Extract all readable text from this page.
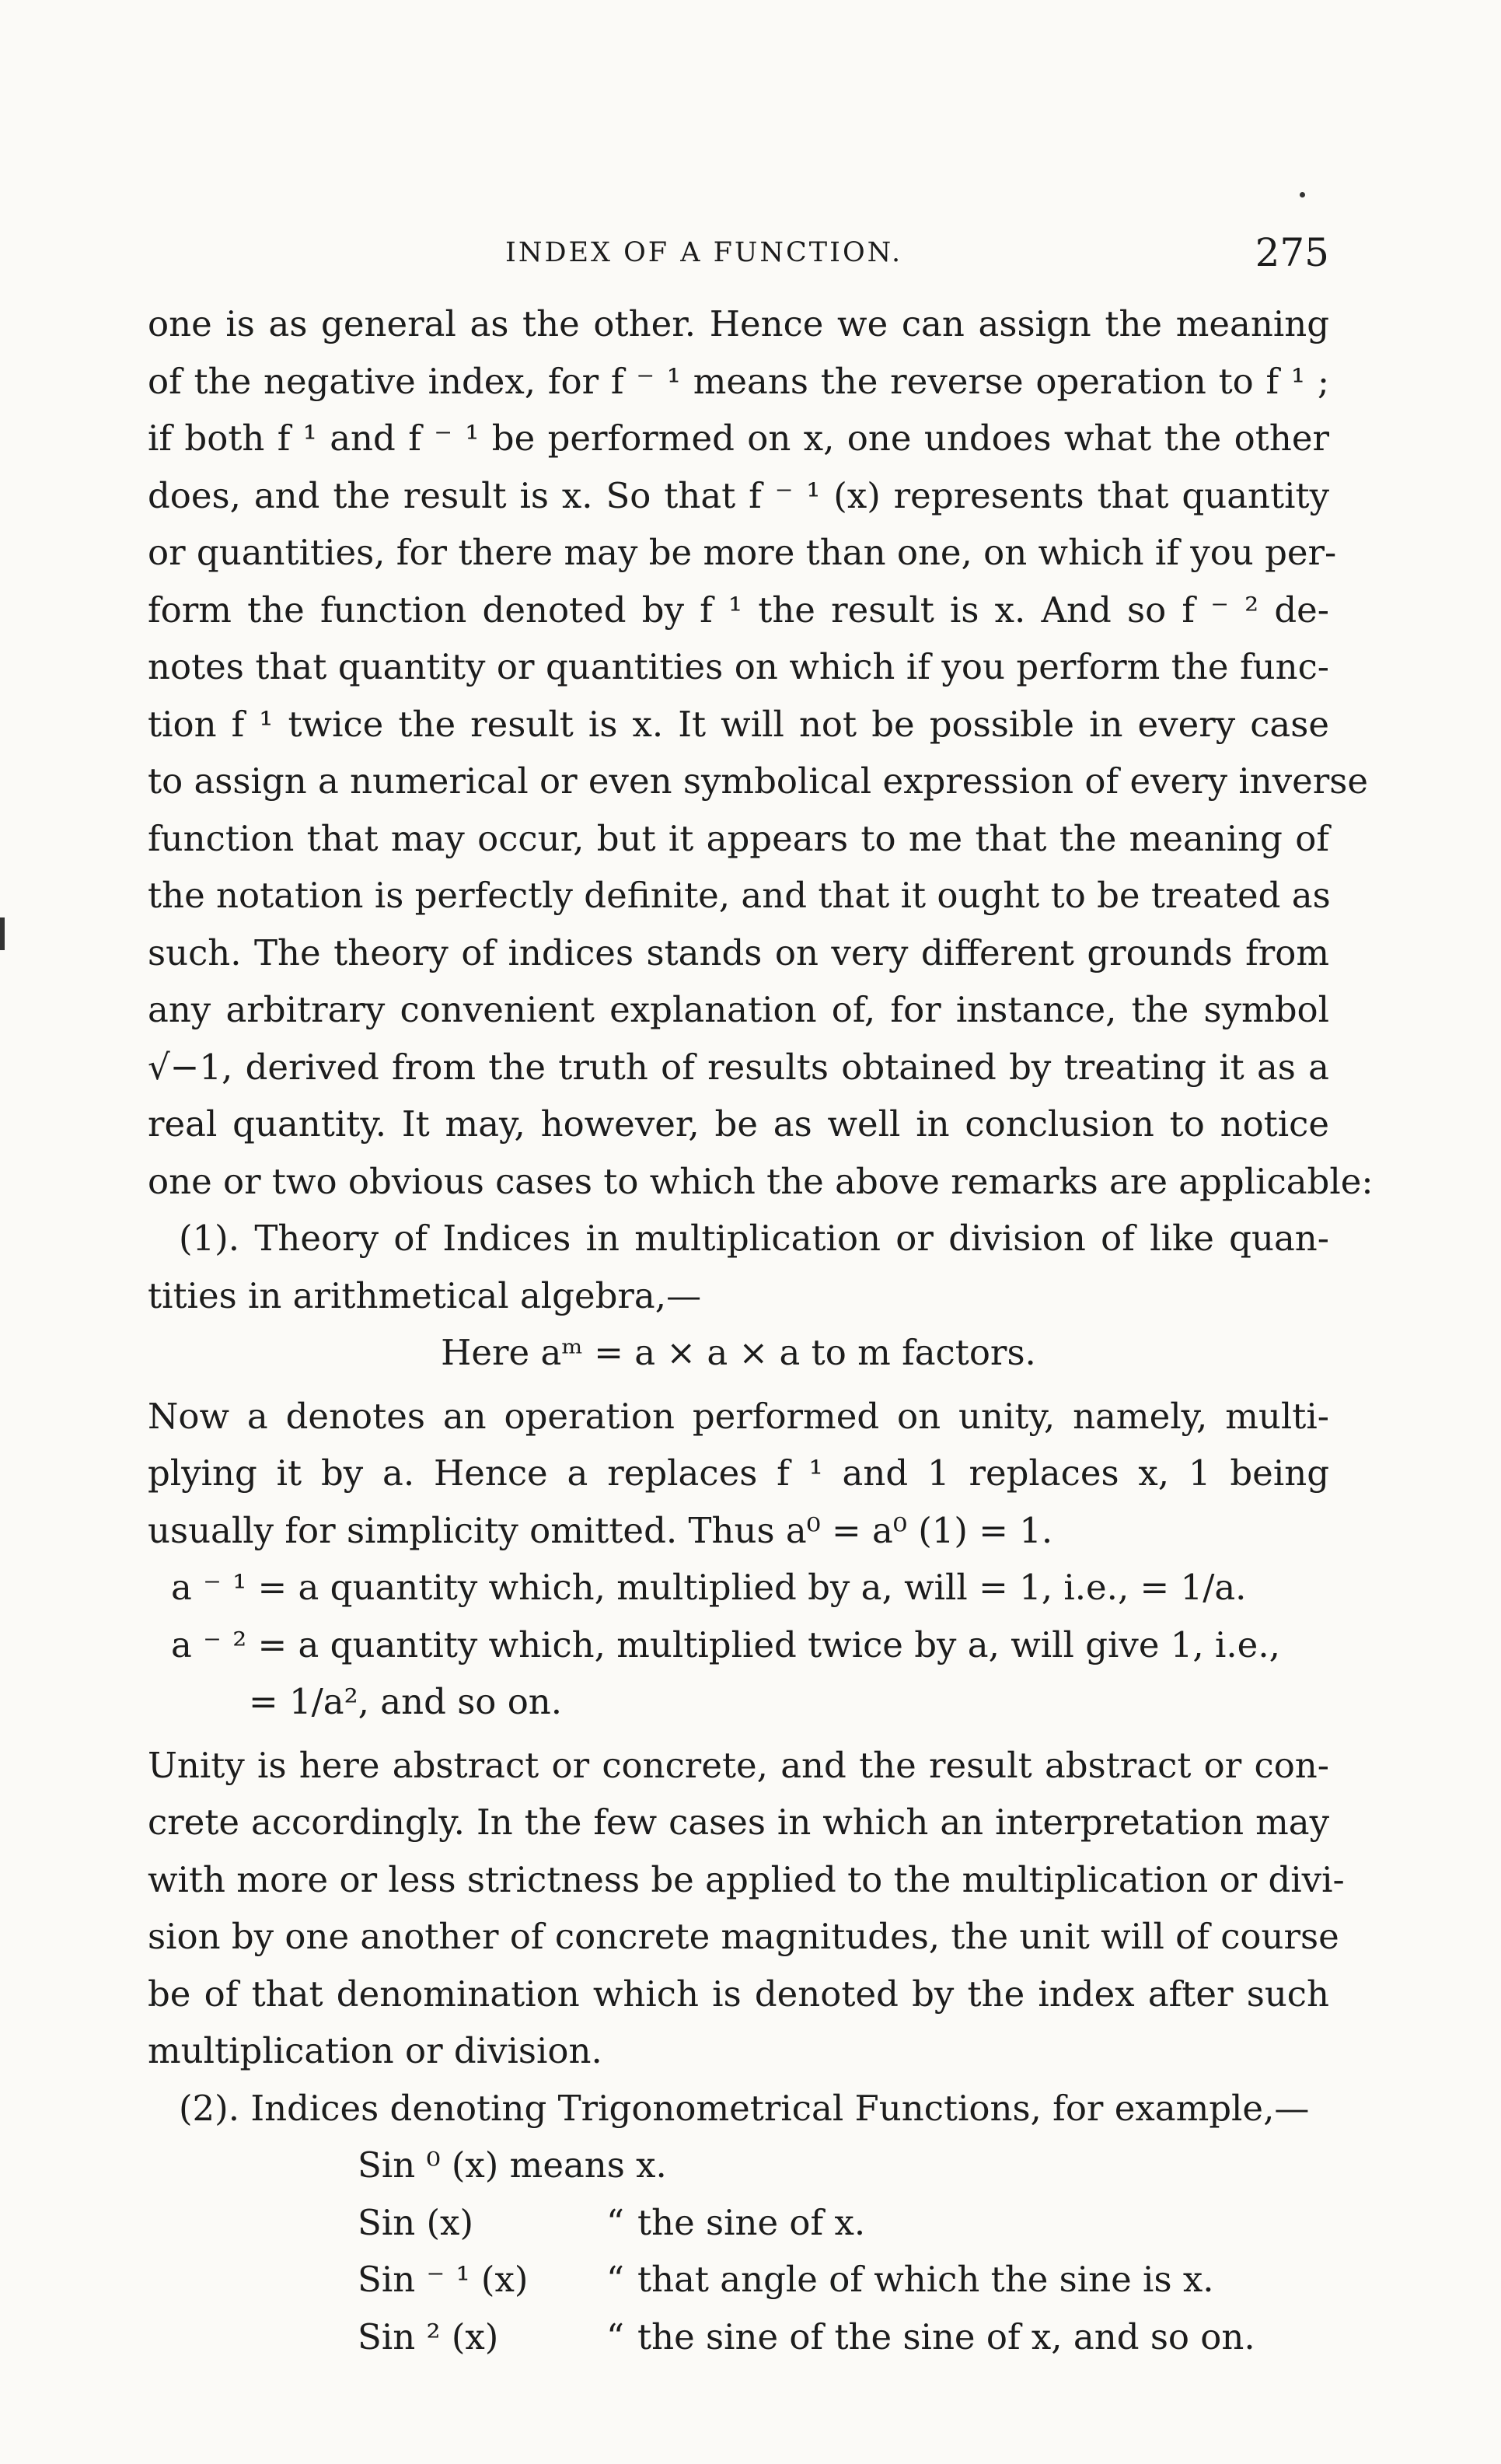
INDEX OF A FUNCTION.	275

one is as general as the other. Hence we can assign the meaning
of the negative index, for f ⁻ ¹ means the reverse operation to f ¹ ;
if both f ¹ and f ⁻ ¹ be performed on x, one undoes what the other
does, and the result is x. So that f ⁻ ¹ (x) represents that quantity
or quantities, for there may be more than one, on which if you per-
form the function denoted by f ¹ the result is x. And so f ⁻ ² de-
notes that quantity or quantities on which if you perform the func-
tion f ¹ twice the result is x. It will not be possible in every case
to assign a numerical or even symbolical expression of every inverse
function that may occur, but it appears to me that the meaning of
the notation is perfectly definite, and that it ought to be treated as
such. The theory of indices stands on very different grounds from
any arbitrary convenient explanation of, for instance, the symbol
√−1, derived from the truth of results obtained by treating it as a
real quantity. It may, however, be as well in conclusion to notice
one or two obvious cases to which the above remarks are applicable:

(1). Theory of Indices in multiplication or division of like quan-
tities in arithmetical algebra,—

Here aᵐ = a × a × a to m factors.

Now a denotes an operation performed on unity, namely, multi-
plying it by a. Hence a replaces f ¹ and 1 replaces x, 1 being
usually for simplicity omitted. Thus a⁰ = a⁰ (1) = 1.

a ⁻ ¹ = a quantity which, multiplied by a, will = 1, i.e., = 1/a.
a ⁻ ² = a quantity which, multiplied twice by a, will give 1, i.e.,
= 1/a², and so on.

Unity is here abstract or concrete, and the result abstract or con-
crete accordingly. In the few cases in which an interpretation may
with more or less strictness be applied to the multiplication or divi-
sion by one another of concrete magnitudes, the unit will of course
be of that denomination which is denoted by the index after such
multiplication or division.

(2). Indices denoting Trigonometrical Functions, for example,—

Sin ⁰ (x) means x.
Sin (x)	“ the sine of x.
Sin ⁻ ¹ (x)	“ that angle of which the sine is x.
Sin ² (x)	“ the sine of the sine of x, and so on.
